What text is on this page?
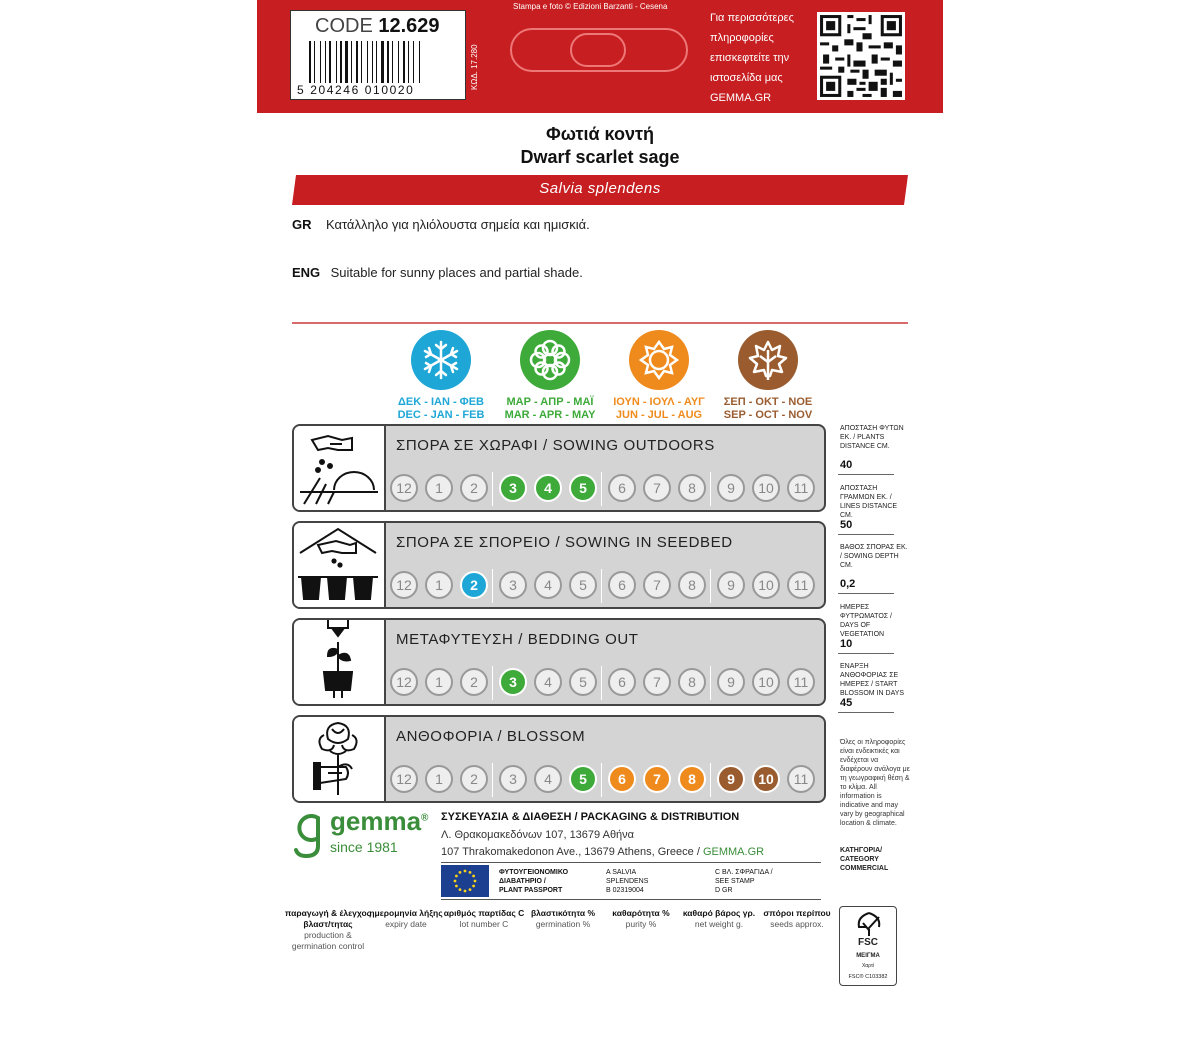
Stampa e foto © Edizioni Barzanti - Cesena
CODE 12.629
5 204246 010020	ΚΩΔ. 17.280
Για περισσότερες
πληροφορίες
επισκεφτείτε την
ιστοσελίδα μας
GEMMA.GR
Φωτιά κοντή
Dwarf scarlet sage
Salvia splendens
GR Κατάλληλο για ηλιόλουστα σημεία και ημισκιά.
ENG Suitable for sunny places and partial shade.
ΔΕΚ - ΙΑΝ - ΦΕΒ
DEC - JAN - FEB
ΜΑΡ - ΑΠΡ - ΜΑΪ
MAR - APR - MAY
ΙΟΥΝ - ΙΟΥΛ - ΑΥΓ
JUN - JUL - AUG
ΣΕΠ - ΟΚΤ - ΝΟΕ
SEP - OCT - NOV
ΣΠΟΡΑ ΣΕ ΧΩΡΑΦΙ / SOWING OUTDOORS
12	1	2	3	4	5	6	7	8	9	10	11
ΣΠΟΡΑ ΣΕ ΣΠΟΡΕΙΟ / SOWING IN SEEDBED
12	1	2	3	4	5	6	7	8	9	10	11
ΜΕΤΑΦΥΤΕΥΣΗ / BEDDING OUT
12	1	2	3	4	5	6	7	8	9	10	11
ΑΝΘΟΦΟΡΙΑ / BLOSSOM
12	1	2	3	4	5	6	7	8	9	10	11
ΑΠΟΣΤΑΣΗ ΦΥΤΩΝ ΕΚ. / PLANTS DISTANCE CM.
40
ΑΠΟΣΤΑΣΗ ΓΡΑΜΜΩΝ ΕΚ. / LINES DISTANCE CM.
50
ΒΑΘΟΣ ΣΠΟΡΑΣ ΕΚ. / SOWING DEPTH CM.
0,2
ΗΜΕΡΕΣ ΦΥΤΡΩΜΑΤΟΣ / DAYS OF VEGETATION
10
ΕΝΑΡΞΗ ΑΝΘΟΦΟΡΙΑΣ ΣΕ ΗΜΕΡΕΣ / START BLOSSOM IN DAYS
45
Όλες οι πληροφορίες είναι ενδεικτικές και ενδέχεται να διαφέρουν ανάλογα με τη γεωγραφική θέση & το κλίμα. All information is indicative and may vary by geographical location & climate.
ΚΑΤΗΓΟΡΙΑ/ CATEGORY COMMERCIAL
gemma®
since 1981
ΣΥΣΚΕΥΑΣΙΑ & ΔΙΑΘΕΣΗ / PACKAGING & DISTRIBUTION
Λ. Θρακομακεδόνων 107, 13679 Αθήνα
107 Thrakomakedonon Ave., 13679 Athens, Greece / GEMMA.GR
ΦΥΤΟΥΓΕΙΟΝΟΜΙΚΟ
ΔΙΑΒΑΤΗΡΙΟ /
PLANT PASSPORT
A SALVIA
SPLENDENS
B 02319004
C ΒΛ. ΣΦΡΑΓΙΔΑ /
SEE STAMP
D GR
παραγωγή & έλεγχος βλαστ/τητας
production & germination control
ημερομηνία λήξης
expiry date
αριθμός παρτίδας C
lot number C
βλαστικότητα %
germination %
καθαρότητα %
purity %
καθαρό βάρος γρ.
net weight g.
σπόροι περίπου
seeds approx.
FSC
ΜΕΙΓΜΑ
Χαρτί
FSC® C103382
